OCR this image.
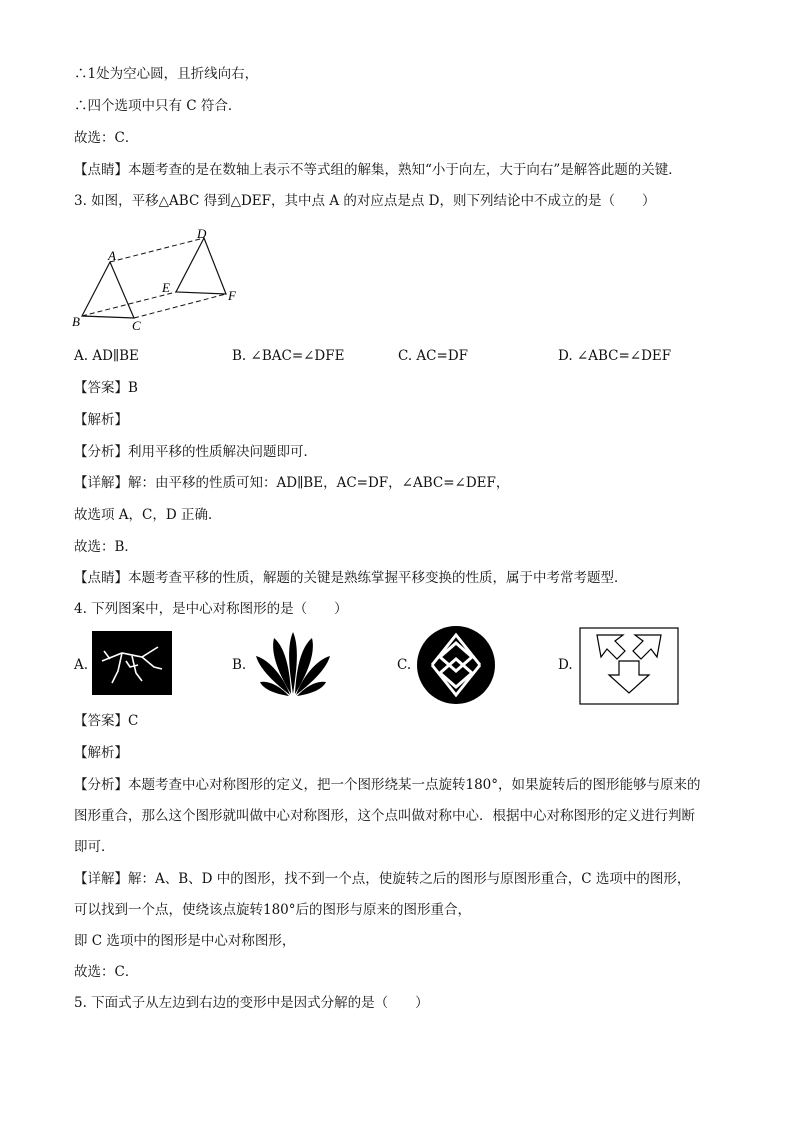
∴1处为空心圆，且折线向右，
∴四个选项中只有 C 符合．
故选：C．
【点睛】本题考查的是在数轴上表示不等式组的解集，熟知“小于向左，大于向右”是解答此题的关键．
3. 如图，平移△ABC 得到△DEF，其中点 A 的对应点是点 D，则下列结论中不成立的是（　　）
A
B	C
D
E
F
A. AD∥BE	B. ∠BAC=∠DFE	C. AC=DF	D. ∠ABC=∠DEF
【答案】B
【解析】
【分析】利用平移的性质解决问题即可．
【详解】解：由平移的性质可知：AD∥BE，AC=DF，∠ABC=∠DEF，
故选项 A，C，D 正确．
故选：B．
【点睛】本题考查平移的性质，解题的关键是熟练掌握平移变换的性质，属于中考常考题型．
4. 下列图案中，是中心对称图形的是（　　）
A.	B.	C.	D.
【答案】C
【解析】
【分析】本题考查中心对称图形的定义，把一个图形绕某一点旋转180°，如果旋转后的图形能够与原来的
图形重合，那么这个图形就叫做中心对称图形，这个点叫做对称中心．根据中心对称图形的定义进行判断
即可．
【详解】解：A、B、D 中的图形，找不到一个点，使旋转之后的图形与原图形重合，C 选项中的图形，
可以找到一个点，使绕该点旋转180°后的图形与原来的图形重合，
即 C 选项中的图形是中心对称图形，
故选：C．
5. 下面式子从左边到右边的变形中是因式分解的是（　　）
